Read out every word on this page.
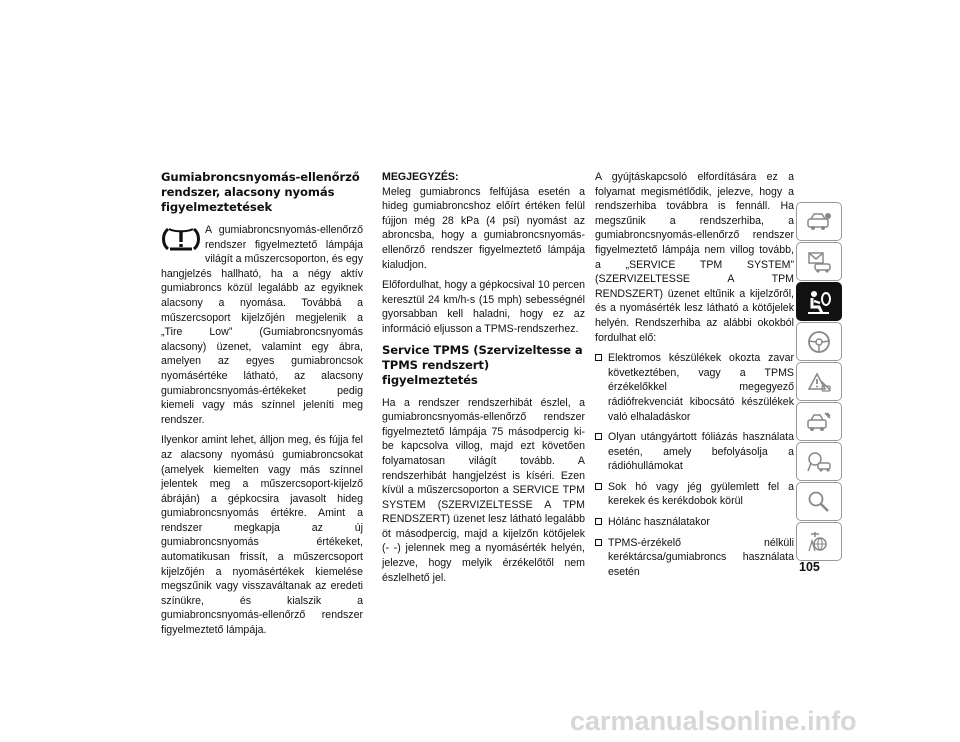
Gumiabroncsnyomás-ellenőrző rendszer, alacsony nyomás figyelmeztetések

A gumiabroncsnyomás-ellenőrző rendszer figyelmeztető lámpája világít a műszercsoporton, és egy hangjelzés hallható, ha a négy aktív gumiabroncs közül legalább az egyiknek alacsony a nyomása. Továbbá a műszercsoport kijelzőjén megjelenik a „Tire Low” (Gumiabroncsnyomás alacsony) üzenet, valamint egy ábra, amelyen az egyes gumiabroncsok nyomásértéke látható, az alacsony gumiabroncsnyomás-értékeket pedig kiemeli vagy más színnel jeleníti meg rendszer.

Ilyenkor amint lehet, álljon meg, és fújja fel az alacsony nyomású gumiabroncsokat (amelyek kiemelten vagy más színnel jelentek meg a műszercsoport-kijelző ábráján) a gépkocsira javasolt hideg gumiabroncsnyomás értékre. Amint a rendszer megkapja az új gumiabroncsnyomás értékeket, automatikusan frissít, a műszercsoport kijelzőjén a nyomásértékek kiemelése megszűnik vagy visszaváltanak az eredeti színükre, és kialszik a gumiabroncsnyomás-ellenőrző rendszer figyelmeztető lámpája.

MEGJEGYZÉS:

Meleg gumiabroncs felfújása esetén a hideg gumiabroncshoz előírt értéken felül fújjon még 28 kPa (4 psi) nyomást az abroncsba, hogy a gumiabroncsnyomás-ellenőrző rendszer figyelmeztető lámpája kialudjon.

Előfordulhat, hogy a gépkocsival 10 percen keresztül 24 km/h-s (15 mph) sebességnél gyorsabban kell haladni, hogy ez az információ eljusson a TPMS-rendszerhez.

Service TPMS (Szervizeltesse a TPMS rendszert) figyelmeztetés

Ha a rendszer rendszerhibát észlel, a gumiabroncsnyomás-ellenőrző rendszer figyelmeztető lámpája 75 másodpercig ki-be kapcsolva villog, majd ezt követően folyamatosan világít tovább. A rendszerhibát hangjelzést is kíséri. Ezen kívül a műszercsoporton a SERVICE TPM SYSTEM (SZERVIZELTESSE A TPM RENDSZERT) üzenet lesz látható legalább öt másodpercig, majd a kijelzőn kötőjelek (- -) jelennek meg a nyomásérték helyén, jelezve, hogy melyik érzékelőtől nem észlelhető jel.

A gyújtáskapcsoló elfordítására ez a folyamat megismétlődik, jelezve, hogy a rendszerhiba továbbra is fennáll. Ha megszűnik a rendszerhiba, a gumiabroncsnyomás-ellenőrző rendszer figyelmeztető lámpája nem villog tovább, a „SERVICE TPM SYSTEM” (SZERVIZELTESSE A TPM RENDSZERT) üzenet eltűnik a kijelzőről, és a nyomásérték lesz látható a kötőjelek helyén. Rendszerhiba az alábbi okokból fordulhat elő:

Elektromos készülékek okozta zavar következtében, vagy a TPMS érzékelőkkel megegyező rádiófrekvenciát kibocsátó készülékek való elhaladáskor
Olyan utángyártott fóliázás használata esetén, amely befolyásolja a rádióhullámokat
Sok hó vagy jég gyülemlett fel a kerekek és kerékdobok körül
Hólánc használatakor
TPMS-érzékelő nélküli keréktárcsa/gumiabroncs használata esetén	105
carmanualsonline.info
